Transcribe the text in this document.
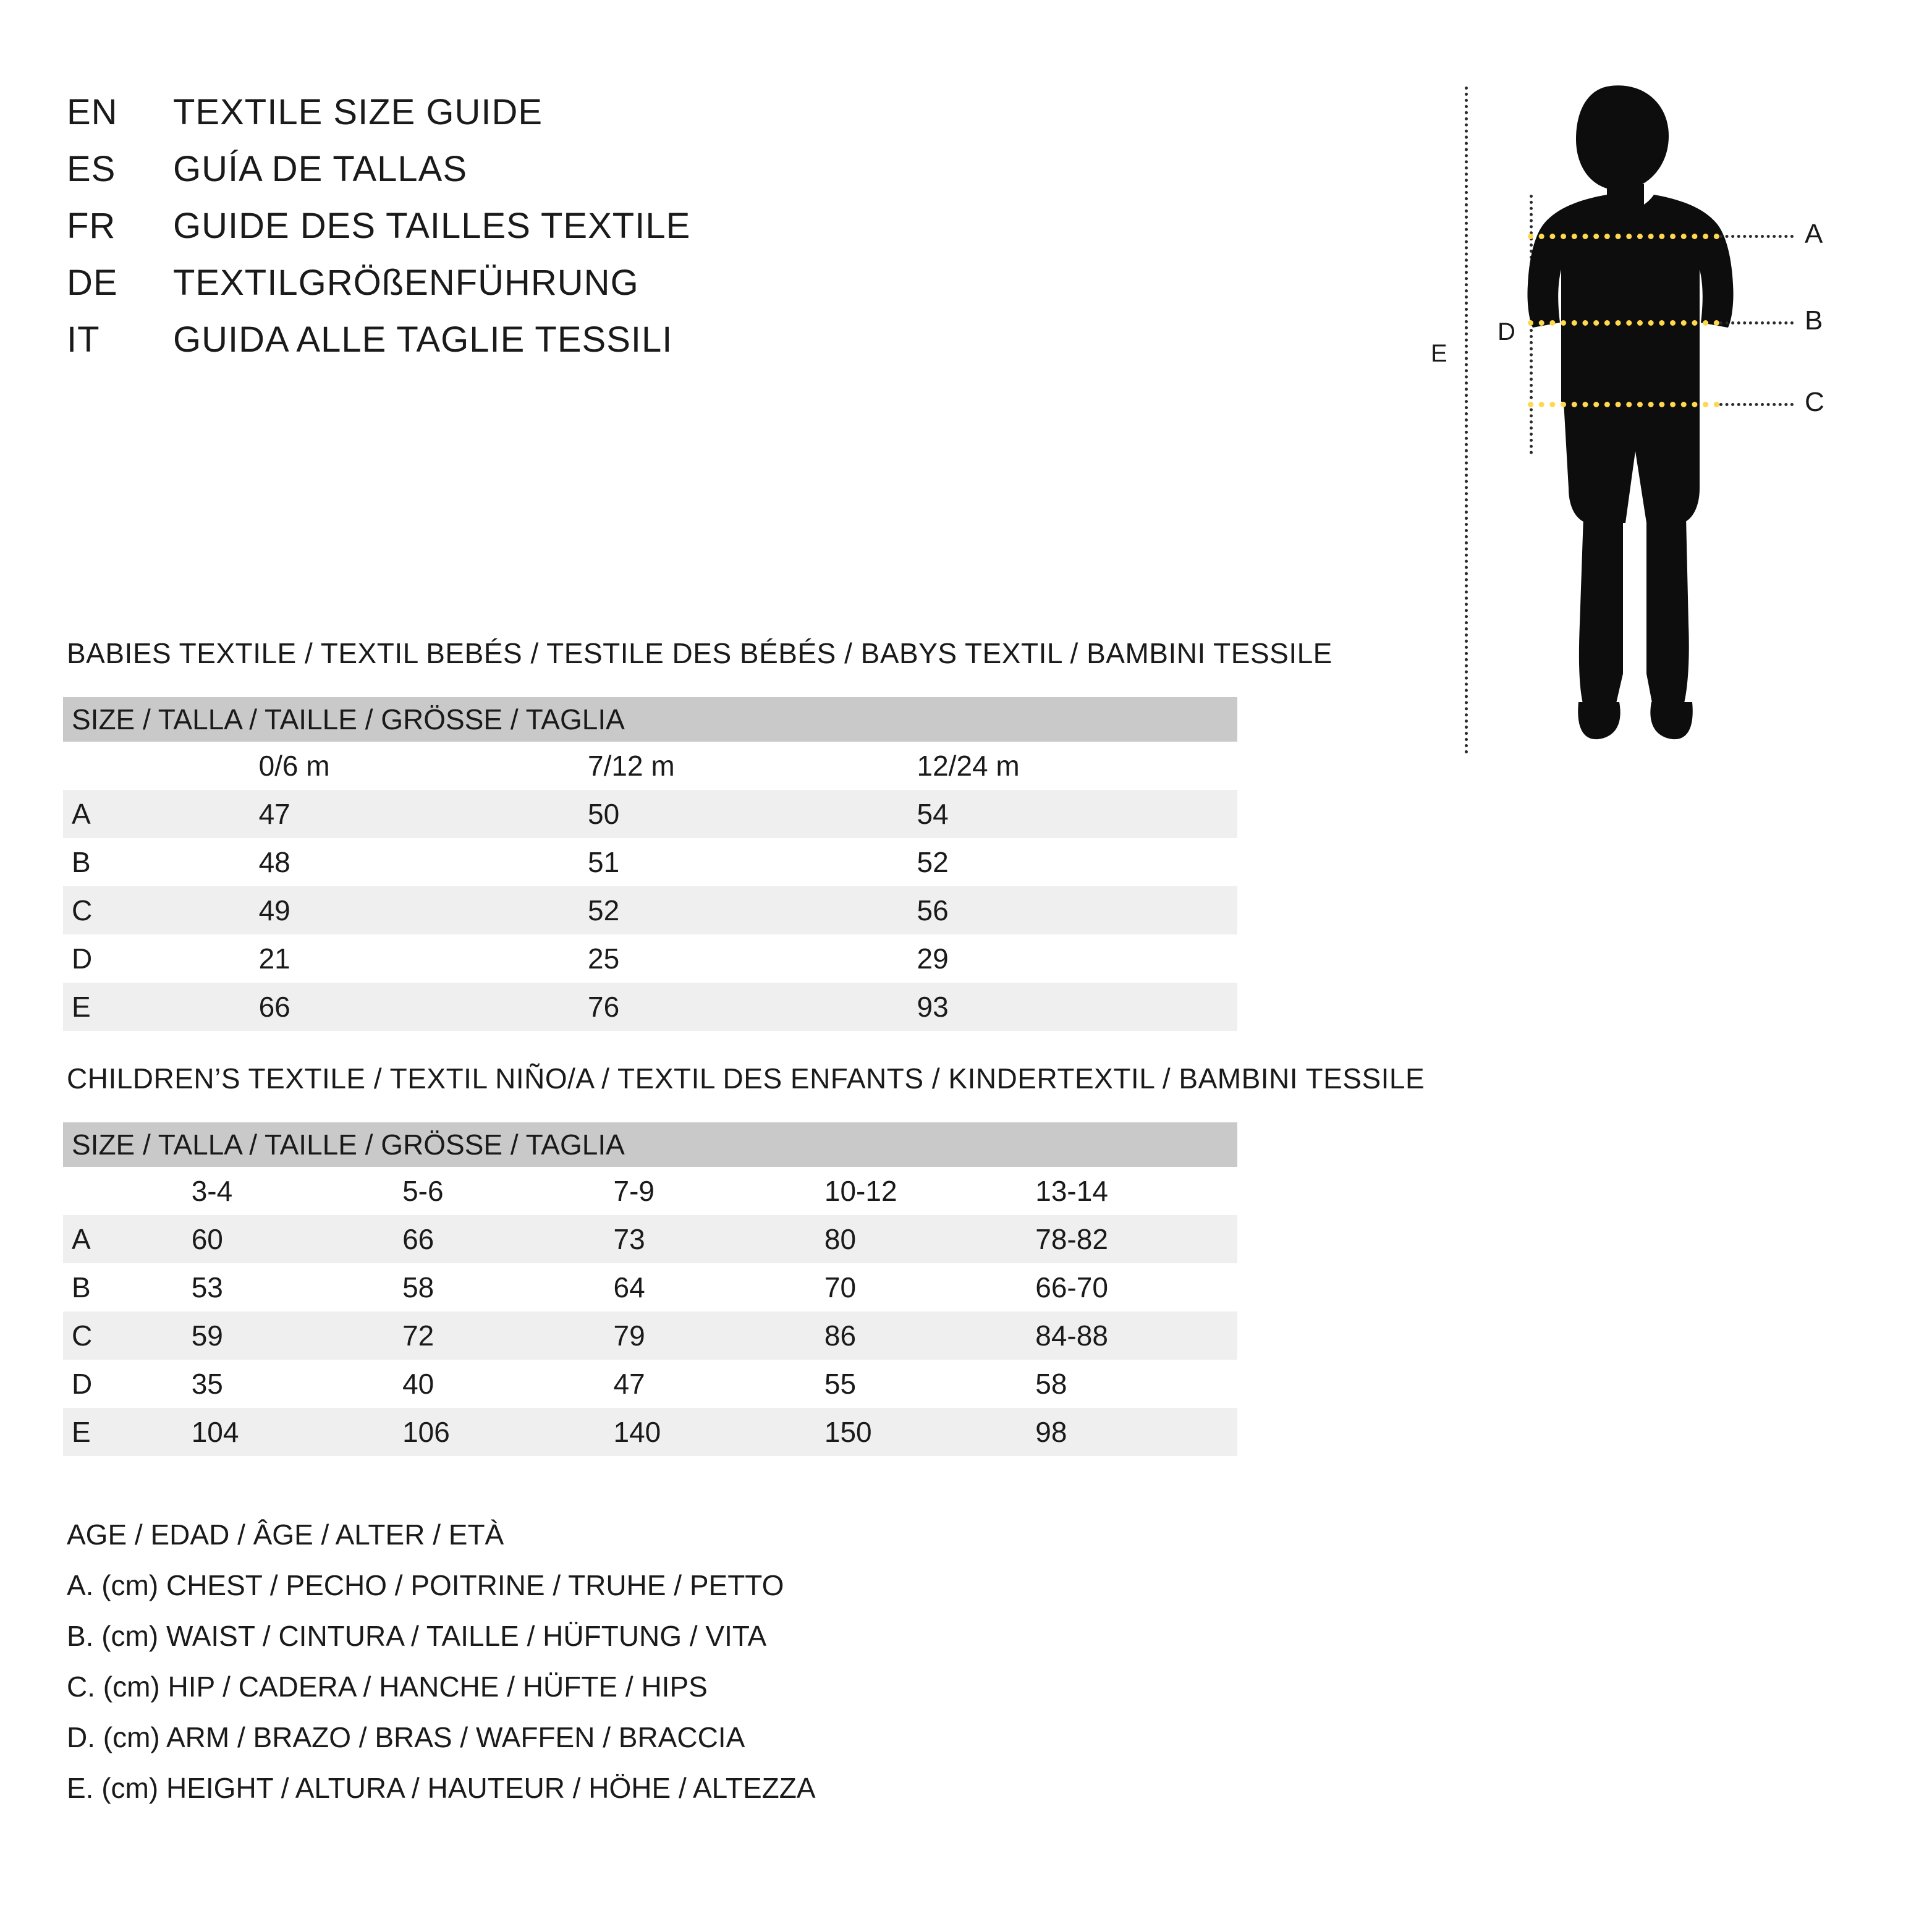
EN	TEXTILE SIZE GUIDE
ES	GUÍA DE TALLAS
FR	GUIDE DES TAILLES TEXTILE
DE	TEXTILGRÖßENFÜHRUNG
IT	GUIDA ALLE TAGLIE TESSILI	E
D
A
B
C
BABIES TEXTILE / TEXTIL BEBÉS / TESTILE DES BÉBÉS / BABYS TEXTIL / BAMBINI TESSILE
SIZE / TALLA / TAILLE / GRÖSSE / TAGLIA			
	0/6 m	7/12 m	12/24 m
A	47	50	54
B	48	51	52
C	49	52	56
D	21	25	29
E	66	76	93
CHILDREN’S TEXTILE / TEXTIL NIÑO/A / TEXTIL DES ENFANTS / KINDERTEXTIL / BAMBINI TESSILE
SIZE / TALLA / TAILLE / GRÖSSE / TAGLIA					
	3-4	5-6	7-9	10-12	13-14
A	60	66	73	80	78-82
B	53	58	64	70	66-70
C	59	72	79	86	84-88
D	35	40	47	55	58
E	104	106	140	150	98
AGE / EDAD / ÂGE / ALTER / ETÀ
A. (cm) CHEST / PECHO / POITRINE / TRUHE / PETTO
B. (cm) WAIST / CINTURA / TAILLE / HÜFTUNG / VITA
C. (cm) HIP / CADERA / HANCHE / HÜFTE / HIPS
D. (cm) ARM / BRAZO / BRAS / WAFFEN / BRACCIA
E. (cm) HEIGHT / ALTURA / HAUTEUR / HÖHE / ALTEZZA
